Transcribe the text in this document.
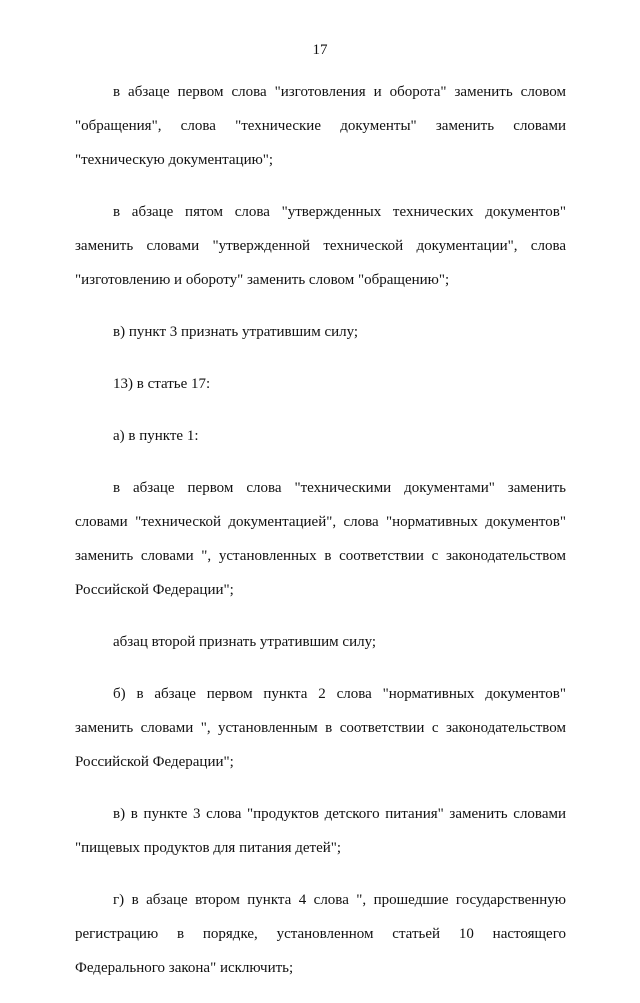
17

в абзаце первом слова "изготовления и оборота" заменить словом "обращения", слова "технические документы" заменить словами "техническую документацию";

в абзаце пятом слова "утвержденных технических документов" заменить словами "утвержденной технической документации", слова "изготовлению и обороту" заменить словом "обращению";

в) пункт 3 признать утратившим силу;

13) в статье 17:

а) в пункте 1:

в абзаце первом слова "техническими документами" заменить словами "технической документацией", слова "нормативных документов" заменить словами ", установленных в соответствии с законодательством Российской Федерации";

абзац второй признать утратившим силу;

б) в абзаце первом пункта 2 слова "нормативных документов" заменить словами ", установленным в соответствии с законодательством Российской Федерации";

в) в пункте 3 слова "продуктов детского питания" заменить словами "пищевых продуктов для питания детей";

г) в абзаце втором пункта 4 слова ", прошедшие государственную регистрацию в порядке, установленном статьей 10 настоящего Федерального закона" исключить;
